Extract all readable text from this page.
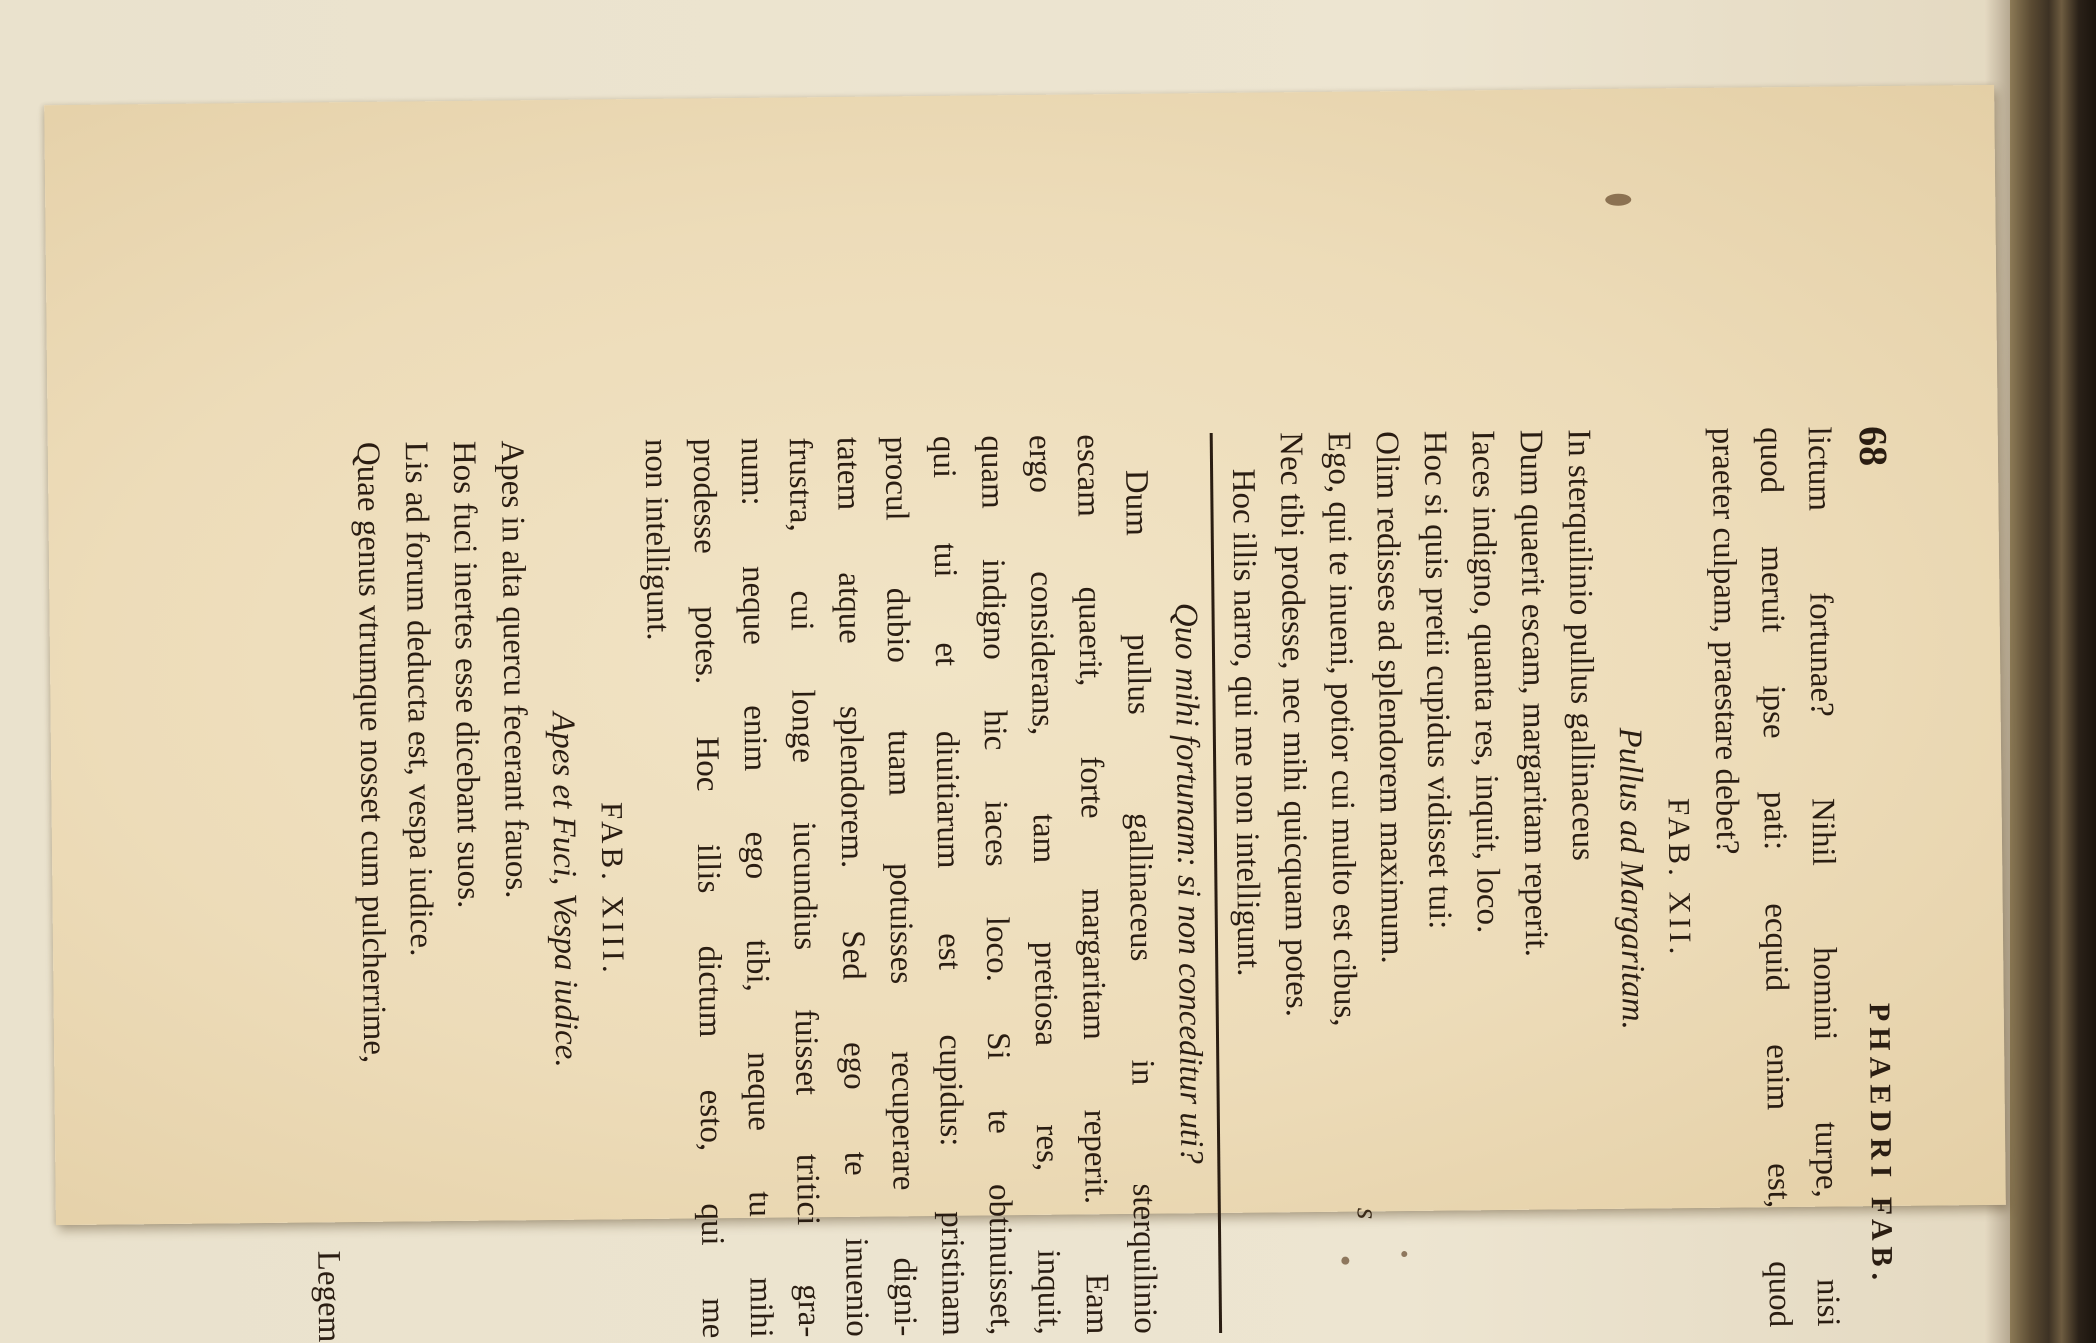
s
68
PHAEDRI FAB.
lictum fortunae? Nihil homini turpe, nisi
quod meruit ipse pati: ecquid enim est, quod
praeter culpam, praestare debet?
FAB. XII.
Pullus ad Margaritam.
In sterquilinio pullus gallinaceus
Dum quaerit escam, margaritam reperit.
Iaces indigno, quanta res, inquit, loco.
Hoc si quis pretii cupidus vidisset tui:
Olim redisses ad splendorem maximum.
Ego, qui te inueni, potior cui multo est cibus,
Nec tibi prodesse, nec mihi quicquam potes.
Hoc illis narro, qui me non intelligunt.
Quo mihi fortunam: si non conceditur uti?
Dum pullus gallinaceus in sterquilinio
escam quaerit, forte margaritam reperit. Eam
ergo considerans, tam pretiosa res, inquit,
quam indigno hic iaces loco. Si te obtinuisset,
qui tui et diuitiarum est cupidus: pristinam
procul dubio tuam potuisses recuperare digni-
tatem atque splendorem. Sed ego te inuenio
frustra, cui longe iucundius fuisset tritici gra-
num: neque enim ego tibi, neque tu mihi
prodesse potes. Hoc illis dictum esto, qui me
non intelligunt.
FAB. XIII.
Apes et Fuci, Vespa iudice.
Apes in alta quercu fecerant fauos.
Hos fuci inertes esse dicebant suos.
Lis ad forum deducta est, vespa iudice.
Quae genus vtrumque nosset cum pulcherrime,
Legem
